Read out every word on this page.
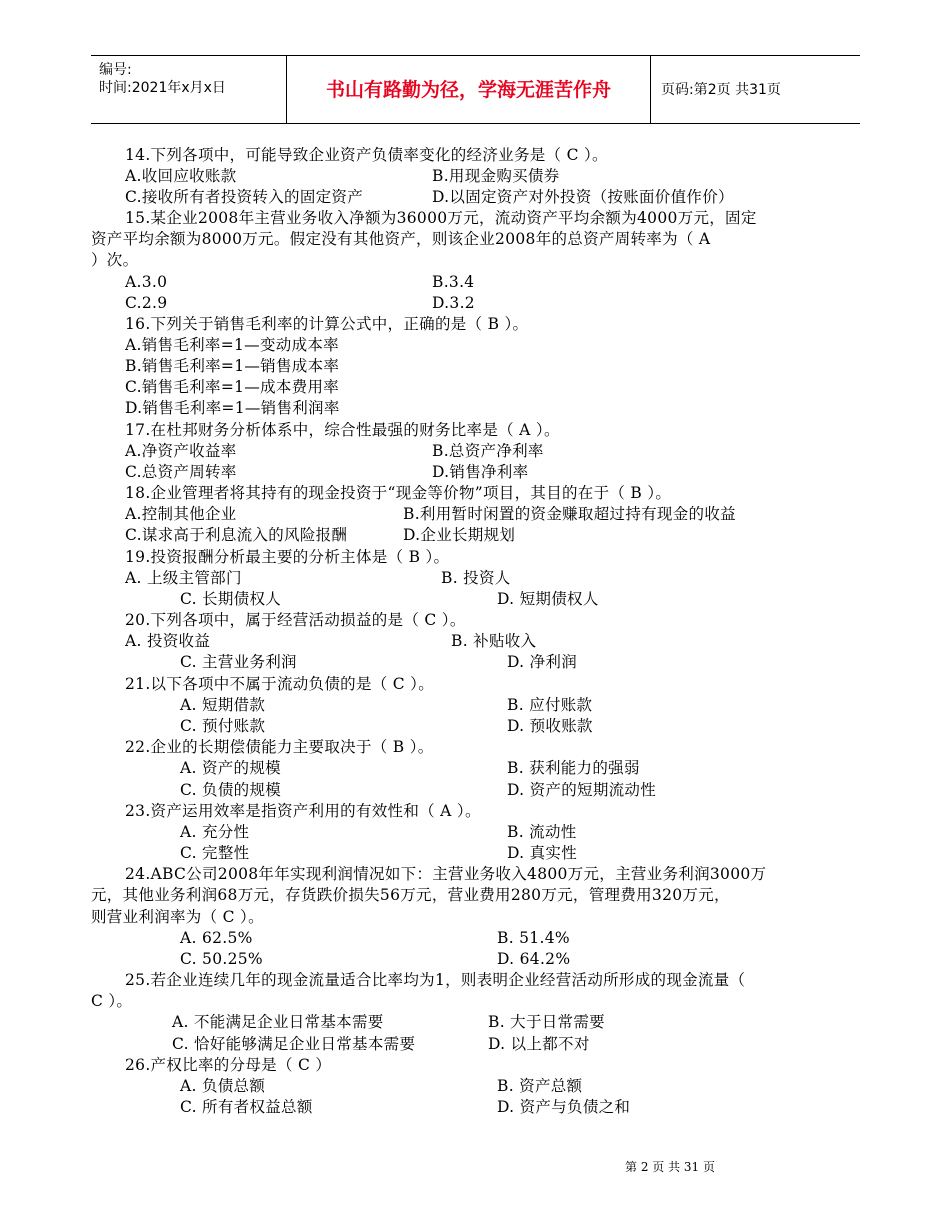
编号:
时间:2021年x月x日	书山有路勤为径，学海无涯苦作舟	页码:第2页 共31页
14.下列各项中，可能导致企业资产负债率变化的经济业务是（ C ）。
A.收回应收账款	B.用现金购买债券
C.接收所有者投资转入的固定资产	D.以固定资产对外投资（按账面价值作价）
15.某企业2008年主营业务收入净额为36000万元，流动资产平均余额为4000万元，固定
资产平均余额为8000万元。假定没有其他资产，则该企业2008年的总资产周转率为（ A
）次。
A.3.0	B.3.4
C.2.9	D.3.2
16.下列关于销售毛利率的计算公式中，正确的是（ B ）。
A.销售毛利率=1—变动成本率
B.销售毛利率=1—销售成本率
C.销售毛利率=1—成本费用率
D.销售毛利率=1—销售利润率
17.在杜邦财务分析体系中，综合性最强的财务比率是（ A ）。
A.净资产收益率	B.总资产净利率
C.总资产周转率	D.销售净利率
18.企业管理者将其持有的现金投资于“现金等价物”项目，其目的在于（ B ）。
A.控制其他企业	B.利用暂时闲置的资金赚取超过持有现金的收益
C.谋求高于利息流入的风险报酬	D.企业长期规划
19.投资报酬分析最主要的分析主体是（ B ）。
A. 上级主管部门	B. 投资人
C. 长期债权人	D. 短期债权人
20.下列各项中，属于经营活动损益的是（ C ）。
A. 投资收益	B. 补贴收入
C. 主营业务利润	D. 净利润
21.以下各项中不属于流动负债的是（ C ）。
A. 短期借款	B. 应付账款
C. 预付账款	D. 预收账款
22.企业的长期偿债能力主要取决于（ B ）。
A. 资产的规模	B. 获利能力的强弱
C. 负债的规模	D. 资产的短期流动性
23.资产运用效率是指资产利用的有效性和（ A ）。
A. 充分性	B. 流动性
C. 完整性	D. 真实性
24.ABC公司2008年年实现利润情况如下：主营业务收入4800万元，主营业务利润3000万
元，其他业务利润68万元，存货跌价损失56万元，营业费用280万元，管理费用320万元，
则营业利润率为（ C ）。
A. 62.5%	B. 51.4%
C. 50.25%	D. 64.2%
25.若企业连续几年的现金流量适合比率均为1，则表明企业经营活动所形成的现金流量（
C ）。
A. 不能满足企业日常基本需要	B. 大于日常需要
C. 恰好能够满足企业日常基本需要	D. 以上都不对
26.产权比率的分母是（ C ）
A. 负债总额	B. 资产总额
C. 所有者权益总额	D. 资产与负债之和
第 2 页 共 31 页
